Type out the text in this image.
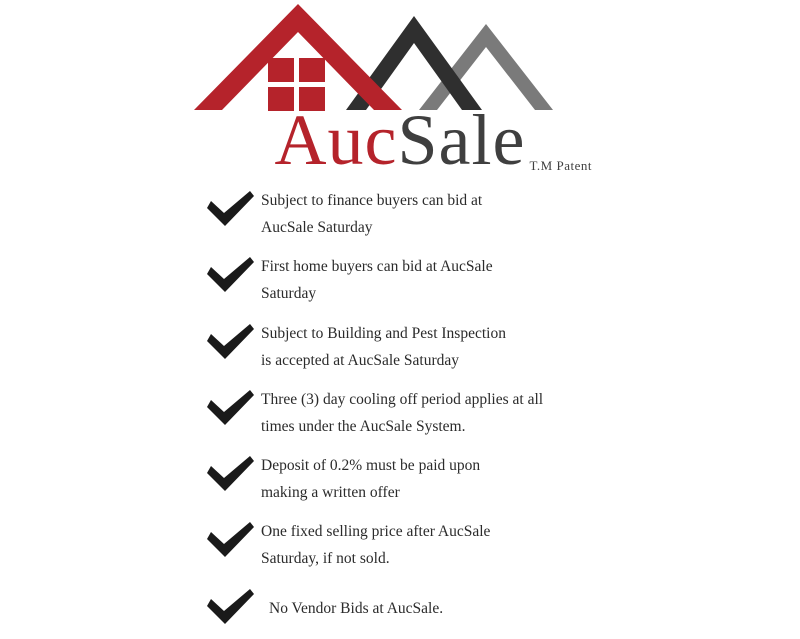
AucSale T.M Patent
Subject to finance buyers can bid at
AucSale Saturday
First home buyers can bid at AucSale
Saturday
Subject to Building and Pest Inspection
is accepted at AucSale Saturday
Three (3) day cooling off period applies at all
times under the AucSale System.
Deposit of 0.2% must be paid upon
making a written offer
One fixed selling price after AucSale
Saturday, if not sold.
No Vendor Bids at AucSale.
